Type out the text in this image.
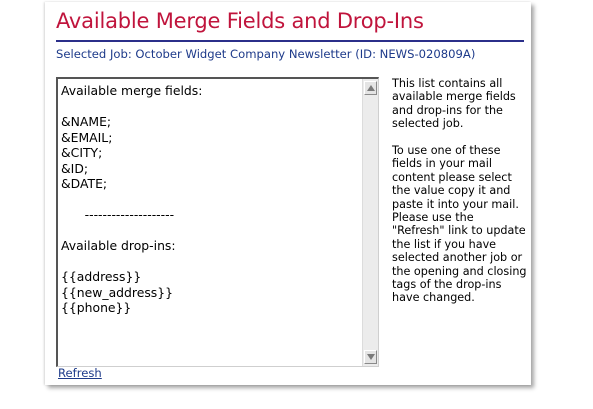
Available Merge Fields and Drop-Ins
Selected Job: October Widget Company Newsletter (ID: NEWS-020809A)
Available merge fields:

&NAME;
&EMAIL;
&CITY;
&ID;
&DATE;

--------------------

Available drop-ins:

{{address}}
{{new_address}}
{{phone}}

This list contains all available merge fields and drop-ins for the selected job.

To use one of these fields in your mail content please select the value copy it and paste it into your mail. Please use the "Refresh" link to update the list if you have selected another job or the opening and closing tags of the drop-ins have changed.

Refresh
